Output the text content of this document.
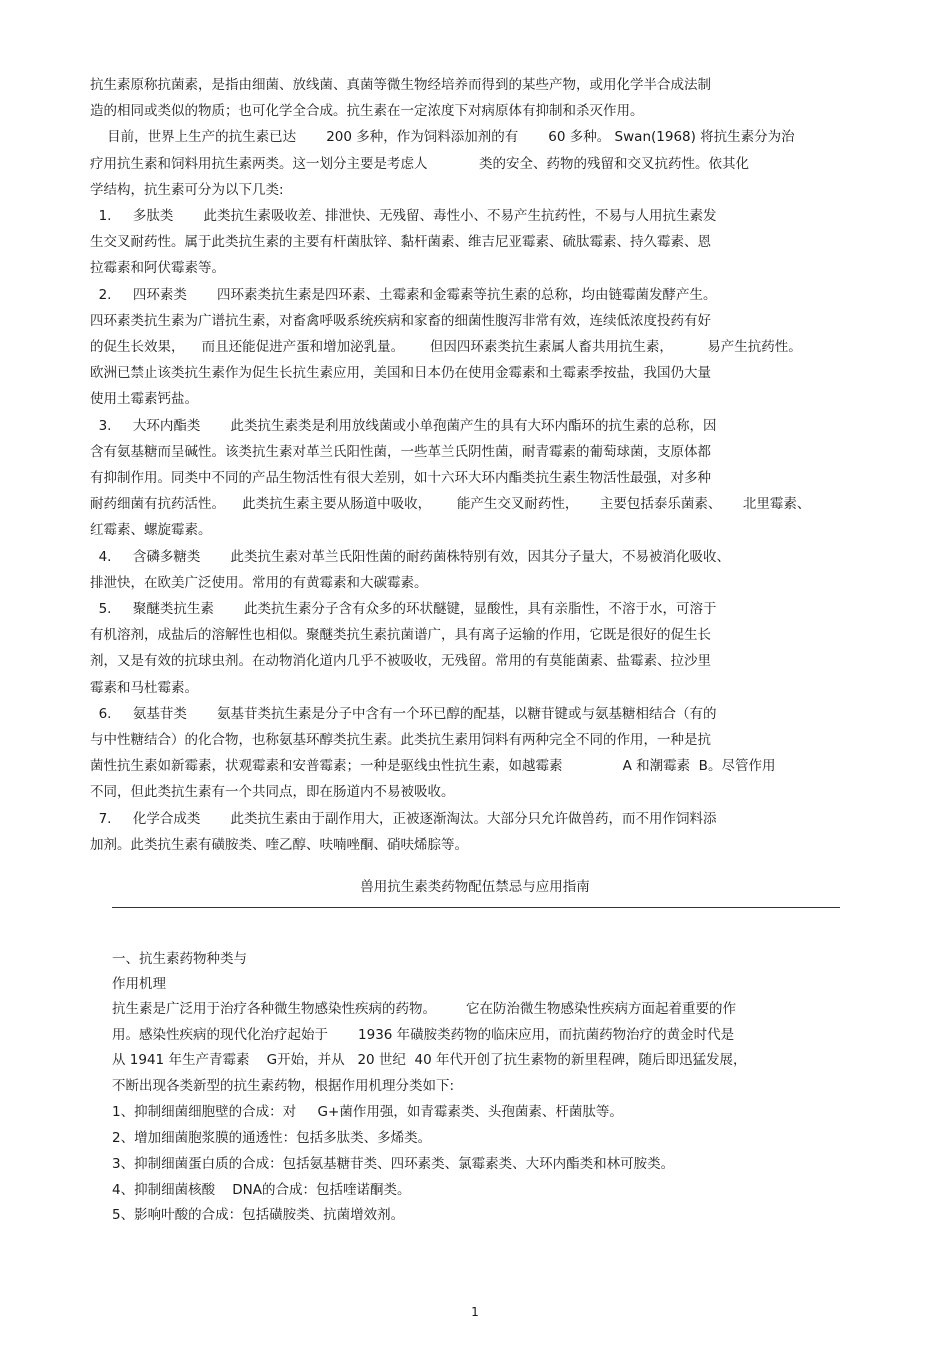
抗生素原称抗菌素，是指由细菌、放线菌、真菌等微生物经培养而得到的某些产物，或用化学半合成法制
造的相同或类似的物质；也可化学全合成。抗生素在一定浓度下对病原体有抑制和杀灭作用。
目前，世界上生产的抗生素已达       200 多种，作为饲料添加剂的有       60 多种。 Swan(1968) 将抗生素分为治
疗用抗生素和饲料用抗生素两类。这一划分主要是考虑人            类的安全、药物的残留和交叉抗药性。依其化
学结构，抗生素可分为以下几类:
1.     多肽类       此类抗生素吸收差、排泄快、无残留、毒性小、不易产生抗药性，不易与人用抗生素发
生交叉耐药性。属于此类抗生素的主要有杆菌肽锌、黏杆菌素、维吉尼亚霉素、硫肽霉素、持久霉素、恩
拉霉素和阿伏霉素等。
2.     四环素类       四环素类抗生素是四环素、土霉素和金霉素等抗生素的总称，均由链霉菌发酵产生。
四环素类抗生素为广谱抗生素，对畜禽呼吸系统疾病和家畜的细菌性腹泻非常有效，连续低浓度投药有好
的促生长效果，    而且还能促进产蛋和增加泌乳量。      但因四环素类抗生素属人畜共用抗生素，        易产生抗药性。
欧洲已禁止该类抗生素作为促生长抗生素应用，美国和日本仍在使用金霉素和土霉素季按盐，我国仍大量
使用土霉素钙盐。
3.     大环内酯类       此类抗生素类是利用放线菌或小单孢菌产生的具有大环内酯环的抗生素的总称，因
含有氨基糖而呈碱性。该类抗生素对革兰氏阳性菌，一些革兰氏阴性菌，耐青霉素的葡萄球菌，支原体都
有抑制作用。同类中不同的产品生物活性有很大差别，如十六环大环内酯类抗生素生物活性最强，对多种
耐药细菌有抗药活性。    此类抗生素主要从肠道中吸收，      能产生交叉耐药性，     主要包括泰乐菌素、     北里霉素、
红霉素、螺旋霉素。
4.     含磷多糖类       此类抗生素对革兰氏阳性菌的耐药菌株特别有效，因其分子量大，不易被消化吸收、
排泄快，在欧美广泛使用。常用的有黄霉素和大碳霉素。
5.     聚醚类抗生素       此类抗生素分子含有众多的环状醚键，显酸性，具有亲脂性，不溶于水，可溶于
有机溶剂，成盐后的溶解性也相似。聚醚类抗生素抗菌谱广，具有离子运输的作用，它既是很好的促生长
剂，又是有效的抗球虫剂。在动物消化道内几乎不被吸收，无残留。常用的有莫能菌素、盐霉素、拉沙里
霉素和马杜霉素。
6.     氨基苷类       氨基苷类抗生素是分子中含有一个环已醇的配基，以糖苷键或与氨基糖相结合（有的
与中性糖结合）的化合物，也称氨基环醇类抗生素。此类抗生素用饲料有两种完全不同的作用，一种是抗
菌性抗生素如新霉素，状观霉素和安普霉素；一种是驱线虫性抗生素，如越霉素              A 和潮霉素  B。尽管作用
不同，但此类抗生素有一个共同点，即在肠道内不易被吸收。
7.     化学合成类       此类抗生素由于副作用大，正被逐渐淘汰。大部分只允许做兽药，而不用作饲料添
加剂。此类抗生素有磺胺类、喹乙醇、呋喃唑酮、硝呋烯腙等。
兽用抗生素类药物配伍禁忌与应用指南
一、抗生素药物种类与
作用机理
抗生素是广泛用于治疗各种微生物感染性疾病的药物。       它在防治微生物感染性疾病方面起着重要的作
用。感染性疾病的现代化治疗起始于       1936 年磺胺类药物的临床应用，而抗菌药物治疗的黄金时代是
从 1941 年生产青霉素    G开始，并从   20 世纪  40 年代开创了抗生素物的新里程碑，随后即迅猛发展，
不断出现各类新型的抗生素药物，根据作用机理分类如下:
1、抑制细菌细胞壁的合成：对     G+菌作用强，如青霉素类、头孢菌素、杆菌肽等。
2、增加细菌胞浆膜的通透性：包括多肽类、多烯类。
3、抑制细菌蛋白质的合成：包括氨基糖苷类、四环素类、氯霉素类、大环内酯类和林可胺类。
4、抑制细菌核酸    DNA的合成：包括喹诺酮类。
5、影响叶酸的合成：包括磺胺类、抗菌增效剂。
1
